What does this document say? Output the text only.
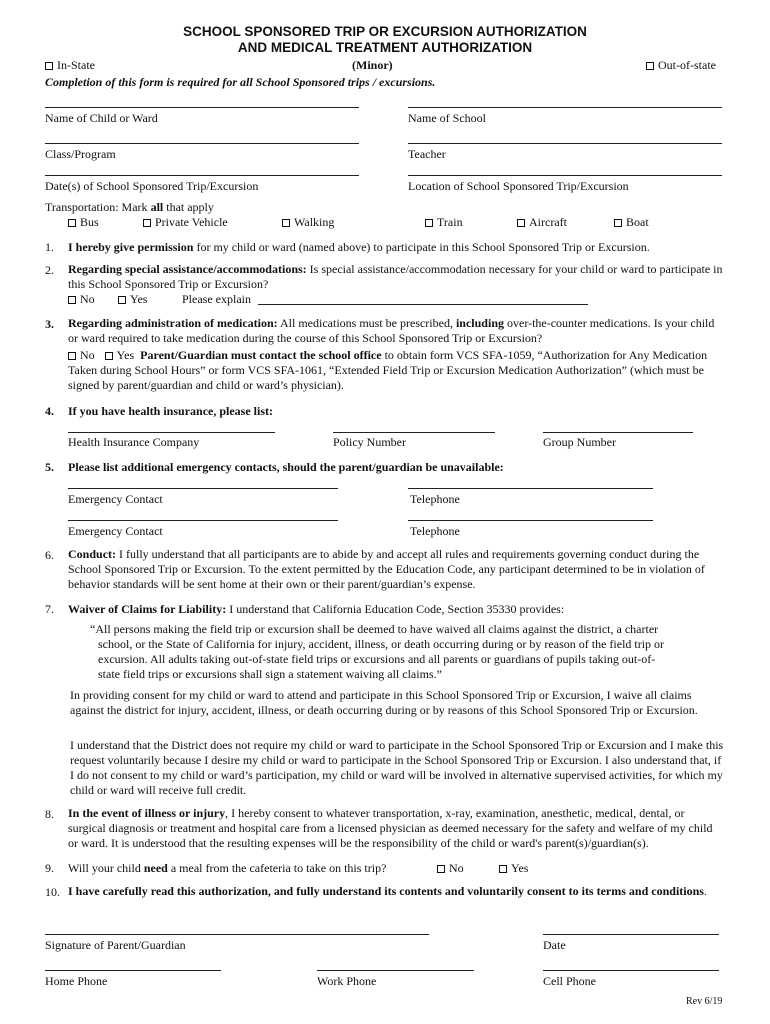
SCHOOL SPONSORED TRIP OR EXCURSION AUTHORIZATION
AND MEDICAL TREATMENT AUTHORIZATION
In-State	(Minor)	Out-of-state
Completion of this form is required for all School Sponsored trips / excursions.
Name of Child or Ward	Name of School
Class/Program	Teacher
Date(s) of School Sponsored Trip/Excursion	Location of School Sponsored Trip/Excursion
Transportation: Mark all that apply
Bus	Private Vehicle	Walking	Train	Aircraft	Boat
1. I hereby give permission for my child or ward (named above) to participate in this School Sponsored Trip or Excursion.
2. Regarding special assistance/accommodations: Is special assistance/accommodation necessary for your child or ward to participate in this School Sponsored Trip or Excursion?
No	Yes	Please explain
3. Regarding administration of medication: All medications must be prescribed, including over-the-counter medications. Is your child or ward required to take medication during the course of this School Sponsored Trip or Excursion?
No Yes Parent/Guardian must contact the school office to obtain form VCS SFA-1059, “Authorization for Any Medication Taken during School Hours” or form VCS SFA-1061, “Extended Field Trip or Excursion Medication Authorization” (which must be signed by parent/guardian and child or ward’s physician).
4. If you have health insurance, please list:
Health Insurance Company	Policy Number	Group Number
5. Please list additional emergency contacts, should the parent/guardian be unavailable:
Emergency Contact	Telephone
Emergency Contact	Telephone
6. Conduct: I fully understand that all participants are to abide by and accept all rules and requirements governing conduct during the School Sponsored Trip or Excursion. To the extent permitted by the Education Code, any participant determined to be in violation of behavior standards will be sent home at their own or their parent/guardian’s expense.
7. Waiver of Claims for Liability: I understand that California Education Code, Section 35330 provides:
“All persons making the field trip or excursion shall be deemed to have waived all claims against the district, a charter school, or the State of California for injury, accident, illness, or death occurring during or by reason of the field trip or excursion. All adults taking out-of-state field trips or excursions and all parents or guardians of pupils taking out-of-state field trips or excursions shall sign a statement waiving all claims.”
In providing consent for my child or ward to attend and participate in this School Sponsored Trip or Excursion, I waive all claims against the district for injury, accident, illness, or death occurring during or by reasons of this School Sponsored Trip or Excursion.
I understand that the District does not require my child or ward to participate in the School Sponsored Trip or Excursion and I make this request voluntarily because I desire my child or ward to participate in the School Sponsored Trip or Excursion. I also understand that, if I do not consent to my child or ward’s participation, my child or ward will be involved in alternative supervised activities, for which my child or ward will receive full credit.
8. In the event of illness or injury, I hereby consent to whatever transportation, x-ray, examination, anesthetic, medical, dental, or surgical diagnosis or treatment and hospital care from a licensed physician as deemed necessary for the safety and welfare of my child or ward. It is understood that the resulting expenses will be the responsibility of the child or ward's parent(s)/guardian(s).
9. Will your child need a meal from the cafeteria to take on this trip?	No	Yes
10. I have carefully read this authorization, and fully understand its contents and voluntarily consent to its terms and conditions.
Signature of Parent/Guardian	Date
Home Phone	Work Phone	Cell Phone
Rev 6/19
